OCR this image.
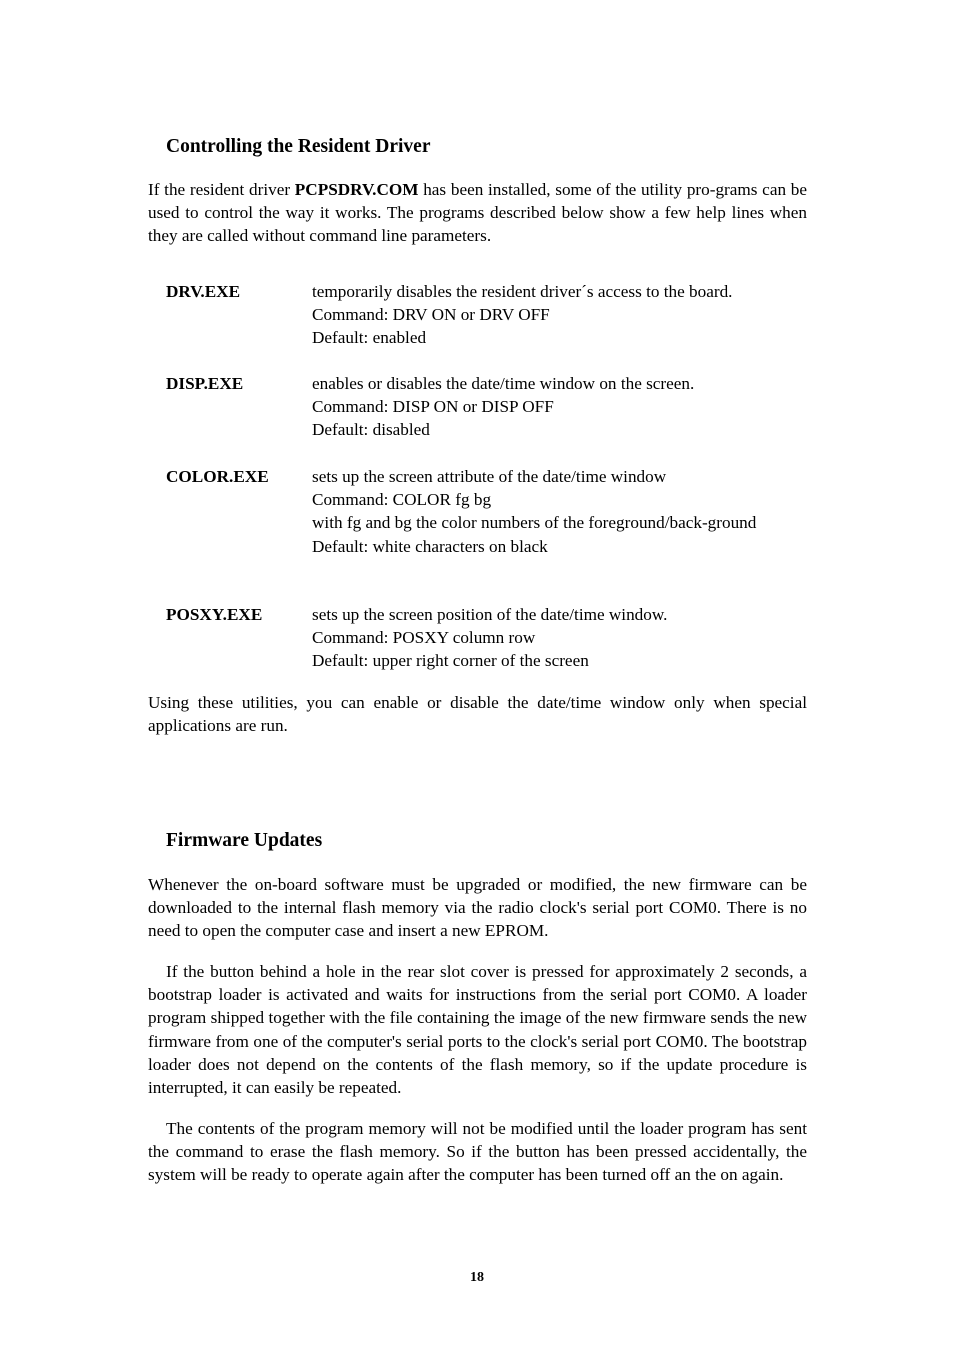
Controlling the Resident Driver

If the resident driver PCPSDRV.COM has been installed, some of the utility pro-grams can be used to control the way it works. The programs described below show a few help lines when they are called without command line parameters.

DRV.EXE	temporarily disables the resident driver´s access to the board.
Command: DRV ON or DRV OFF
Default: enabled
DISP.EXE	enables or disables the date/time window on the screen.
Command: DISP ON or DISP OFF
Default: disabled
COLOR.EXE	sets up the screen attribute of the date/time window
Command: COLOR fg bg
with fg and bg the color numbers of the foreground/back-ground
Default: white characters on black
POSXY.EXE	sets up the screen position of the date/time window.
Command: POSXY column row
Default: upper right corner of the screen

Using these utilities, you can enable or disable the date/time window only when special applications are run.

Firmware Updates

Whenever the on-board software must be upgraded or modified, the new firmware can be downloaded to the internal flash memory via the radio clock's serial port COM0. There is no need to open the computer case and insert a new EPROM.

If the button behind a hole in the rear slot cover is pressed for approximately 2 seconds, a bootstrap loader is activated and waits for instructions from the serial port COM0. A loader program shipped together with the file containing the image of the new firmware sends the new firmware from one of the computer's serial ports to the clock's serial port COM0. The bootstrap loader does not depend on the contents of the flash memory, so if the update procedure is interrupted, it can easily be repeated.

The contents of the program memory will not be modified until the loader program has sent the command to erase the flash memory. So if the button has been pressed accidentally, the system will be ready to operate again after the computer has been turned off an the on again.

18
